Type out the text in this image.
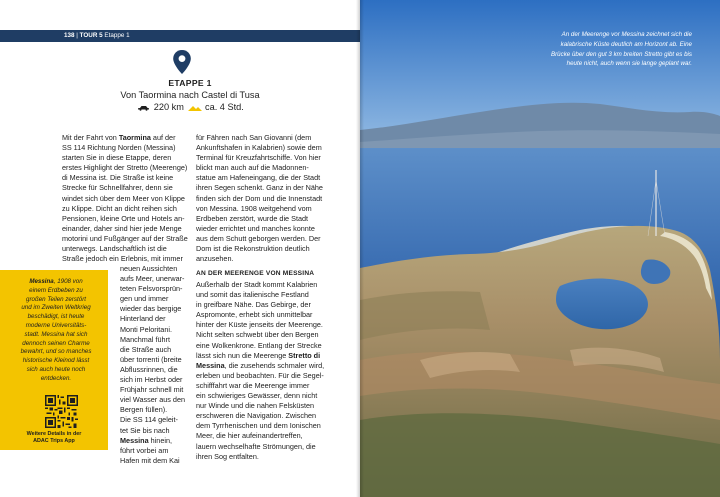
138 | TOUR 5 Etappe 1
ETAPPE 1
Von Taormina nach Castel di Tusa
220 km ca. 4 Std.
Mit der Fahrt von Taormina auf der
SS 114 Richtung Norden (Messina)
starten Sie in diese Etappe, deren
erstes Highlight der Stretto (Meerenge)
di Messina ist. Die Straße ist keine
Strecke für Schnellfahrer, denn sie
windet sich über dem Meer von Klippe
zu Klippe. Dicht an dicht reihen sich
Pensionen, kleine Orte und Hotels an-
einander, daher sind hier jede Menge
motorini und Fußgänger auf der Straße
unterwegs. Landschaftlich ist die
Straße jedoch ein Erlebnis, mit immer
neuen Aussichten
aufs Meer, unerwar-
teten Felsvorsprün-
gen und immer
wieder das bergige
Hinterland der
Monti Peloritani.
Manchmal führt
die Straße auch
über torrenti (breite
Abflussrinnen, die
sich im Herbst oder
Frühjahr schnell mit
viel Wasser aus den
Bergen füllen).
Die SS 114 geleit-
tet Sie bis nach
Messina hinein,
führt vorbei am
Hafen mit dem Kai
für Fähren nach San Giovanni (dem
Ankunftshafen in Kalabrien) sowie dem
Terminal für Kreuzfahrtschiffe. Von hier
blickt man auch auf die Madonnen-
statue am Hafeneingang, die der Stadt
ihren Segen schenkt. Ganz in der Nähe
finden sich der Dom und die Innenstadt
von Messina. 1908 weitgehend vom
Erdbeben zerstört, wurde die Stadt
wieder errichtet und manches konnte
aus dem Schutt geborgen werden. Der
Dom ist die Rekonstruktion deutlich
anzusehen.
AN DER MEERENGE VON MESSINA
Außerhalb der Stadt kommt Kalabrien
und somit das italienische Festland
in greifbare Nähe. Das Gebirge, der
Aspromonte, erhebt sich unmittelbar
hinter der Küste jenseits der Meerenge.
Nicht selten schwebt über den Bergen
eine Wolkenkrone. Entlang der Strecke
lässt sich nun die Meerenge Stretto di
Messina, die zusehends schmaler wird,
erleben und beobachten. Für die Segel-
schifffahrt war die Meerenge immer
ein schwieriges Gewässer, denn nicht
nur Winde und die nahen Felsküsten
erschweren die Navigation. Zwischen
dem Tyrrhenischen und dem Ionischen
Meer, die hier aufeinandertreffen,
lauern wechselhafte Strömungen, die
ihren Sog entfalten.
Messina, 1908 von
einem Erdbeben zu
großen Teilen zerstört
und im Zweiten Weltkrieg
beschädigt, ist heute
moderne Universitäts-
stadt. Messina hat sich
dennoch seinen Charme
bewahrt, und so manches
historische Kleinod lässt
sich auch heute noch
entdecken.
Weitere Details in der
ADAC Trips App
An der Meerenge vor Messina zeichnet sich die
kalabrische Küste deutlich am Horizont ab. Eine
Brücke über den gut 3 km breiten Stretto gibt es bis
heute nicht, auch wenn sie lange geplant war.
